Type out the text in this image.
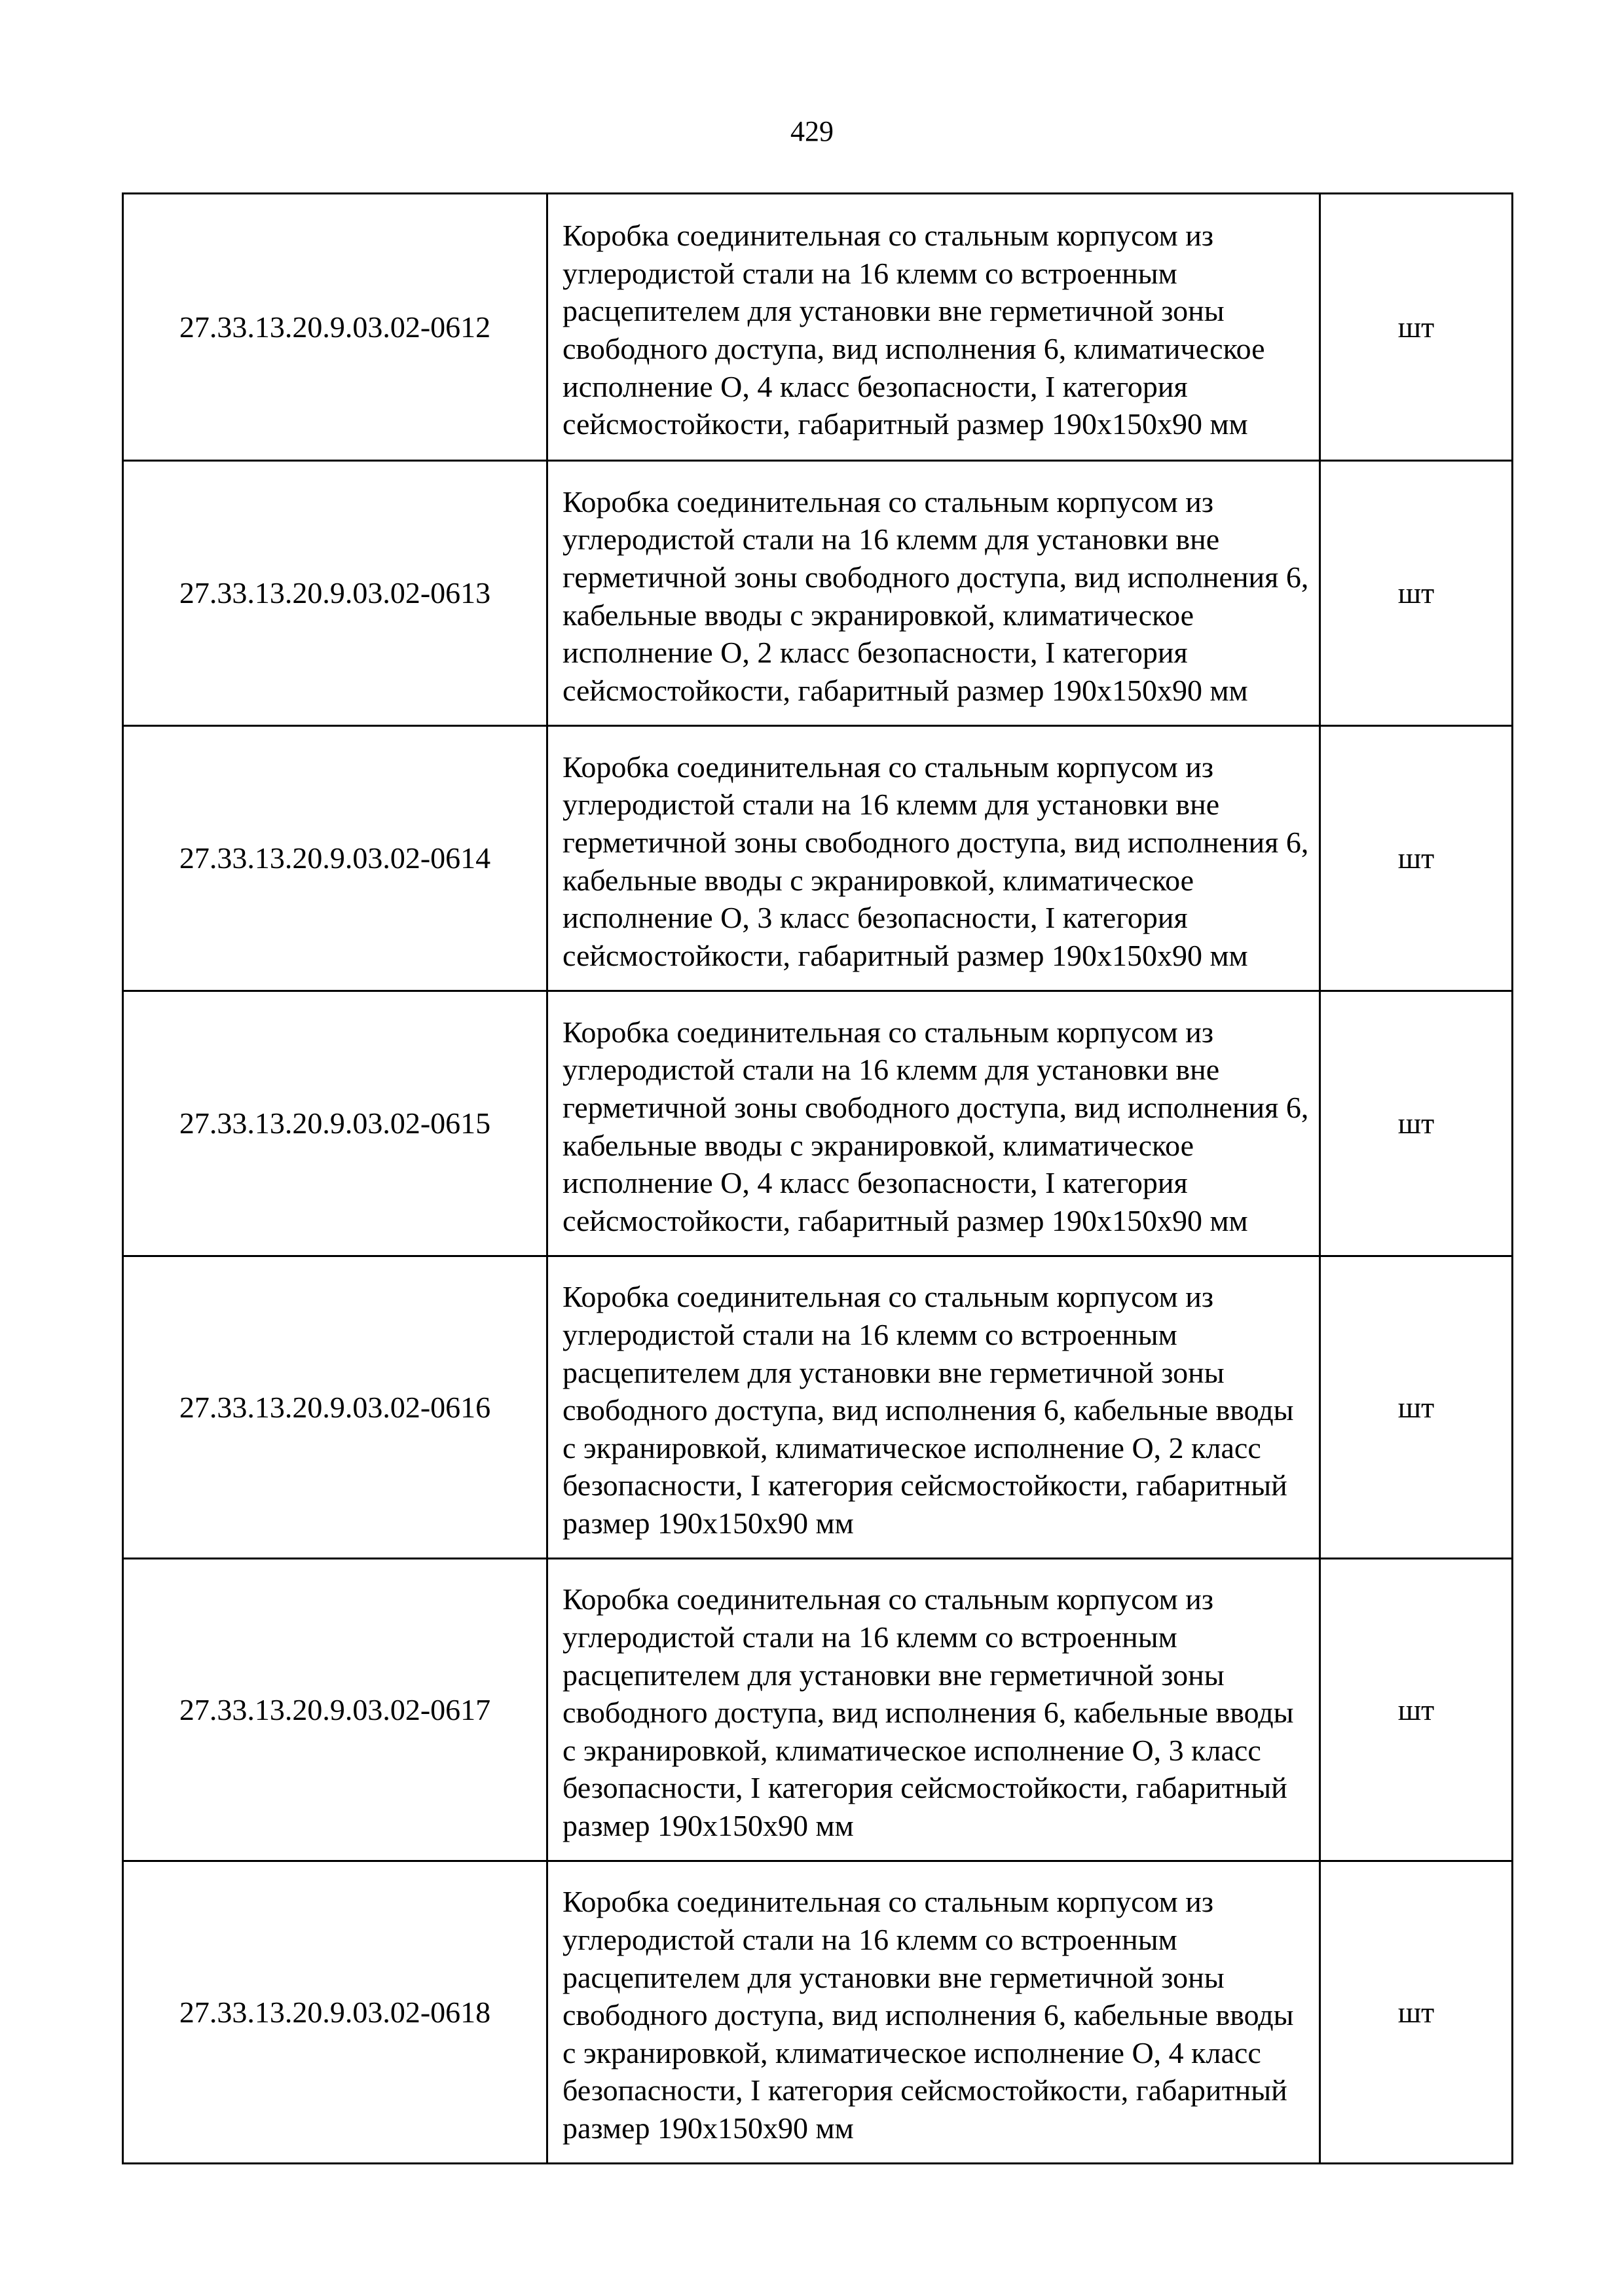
429
27.33.13.20.9.03.02-0612	Коробка соединительная со стальным корпусом из углеродистой стали на 16 клемм со встроенным расцепителем для установки вне герметичной зоны свободного доступа, вид исполнения 6, климатическое исполнение О, 4 класс безопасности, I категория сейсмостойкости, габаритный размер 190х150х90 мм	шт
27.33.13.20.9.03.02-0613	Коробка соединительная со стальным корпусом из углеродистой стали на 16 клемм для установки вне герметичной зоны свободного доступа, вид исполнения 6, кабельные вводы с экранировкой, климатическое исполнение О, 2 класс безопасности, I категория сейсмостойкости, габаритный размер 190х150х90 мм	шт
27.33.13.20.9.03.02-0614	Коробка соединительная со стальным корпусом из углеродистой стали на 16 клемм для установки вне герметичной зоны свободного доступа, вид исполнения 6, кабельные вводы с экранировкой, климатическое исполнение О, 3 класс безопасности, I категория сейсмостойкости, габаритный размер 190х150х90 мм	шт
27.33.13.20.9.03.02-0615	Коробка соединительная со стальным корпусом из углеродистой стали на 16 клемм для установки вне герметичной зоны свободного доступа, вид исполнения 6, кабельные вводы с экранировкой, климатическое исполнение О, 4 класс безопасности, I категория сейсмостойкости, габаритный размер 190х150х90 мм	шт
27.33.13.20.9.03.02-0616	Коробка соединительная со стальным корпусом из углеродистой стали на 16 клемм со встроенным расцепителем для установки вне герметичной зоны свободного доступа, вид исполнения 6, кабельные вводы с экранировкой, климатическое исполнение О, 2 класс безопасности, I категория сейсмостойкости, габаритный размер 190х150х90 мм	шт
27.33.13.20.9.03.02-0617	Коробка соединительная со стальным корпусом из углеродистой стали на 16 клемм со встроенным расцепителем для установки вне герметичной зоны свободного доступа, вид исполнения 6, кабельные вводы с экранировкой, климатическое исполнение О, 3 класс безопасности, I категория сейсмостойкости, габаритный размер 190х150х90 мм	шт
27.33.13.20.9.03.02-0618	Коробка соединительная со стальным корпусом из углеродистой стали на 16 клемм со встроенным расцепителем для установки вне герметичной зоны свободного доступа, вид исполнения 6, кабельные вводы с экранировкой, климатическое исполнение О, 4 класс безопасности, I категория сейсмостойкости, габаритный размер 190х150х90 мм	шт
